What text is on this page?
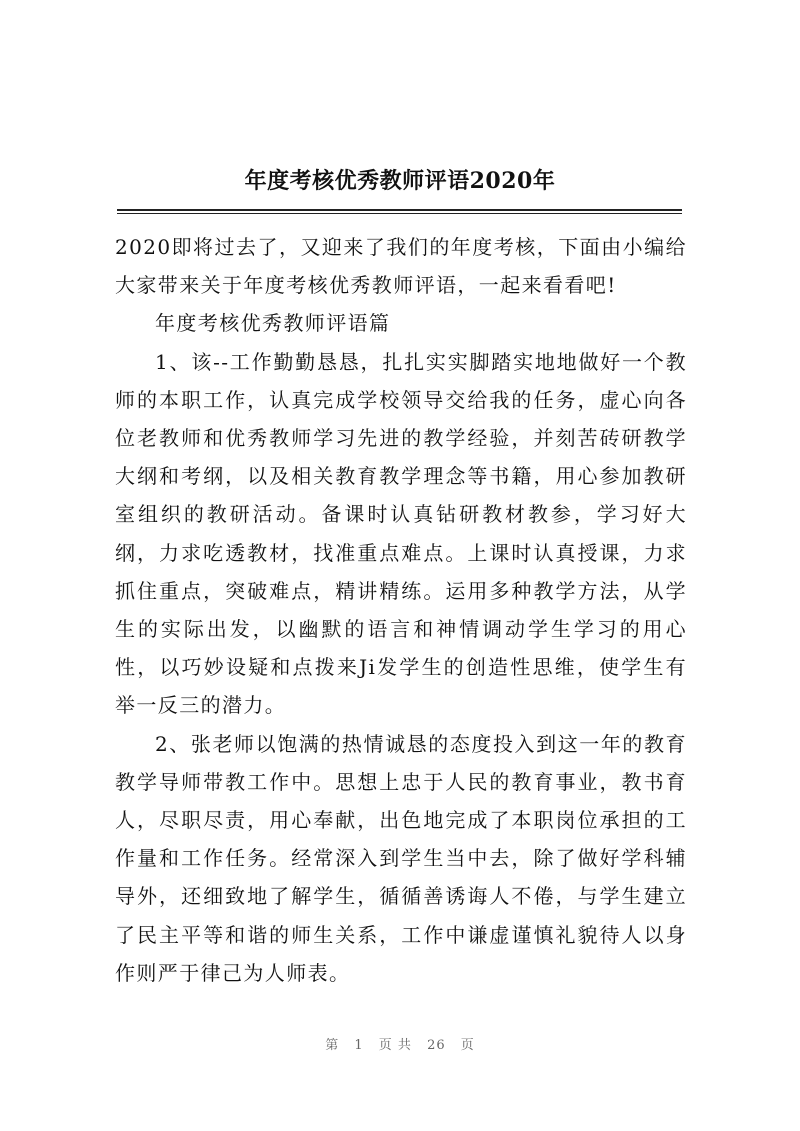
年度考核优秀教师评语2020年

2020即将过去了，又迎来了我们的年度考核，下面由小编给大家带来关于年度考核优秀教师评语，一起来看看吧!

年度考核优秀教师评语篇

1、该--工作勤勤恳恳，扎扎实实脚踏实地地做好一个教师的本职工作，认真完成学校领导交给我的任务，虚心向各位老教师和优秀教师学习先进的教学经验，并刻苦砖研教学大纲和考纲，以及相关教育教学理念等书籍，用心参加教研室组织的教研活动。备课时认真钻研教材教参，学习好大纲，力求吃透教材，找准重点难点。上课时认真授课，力求抓住重点，突破难点，精讲精练。运用多种教学方法，从学生的实际出发，以幽默的语言和神情调动学生学习的用心性，以巧妙设疑和点拨来Ji发学生的创造性思维，使学生有举一反三的潜力。

2、张老师以饱满的热情诚恳的态度投入到这一年的教育教学导师带教工作中。思想上忠于人民的教育事业，教书育人，尽职尽责，用心奉献，出色地完成了本职岗位承担的工作量和工作任务。经常深入到学生当中去，除了做好学科辅导外，还细致地了解学生，循循善诱诲人不倦，与学生建立了民主平等和谐的师生关系，工作中谦虚谨慎礼貌待人以身作则严于律己为人师表。

第 1 页 共 26 页
